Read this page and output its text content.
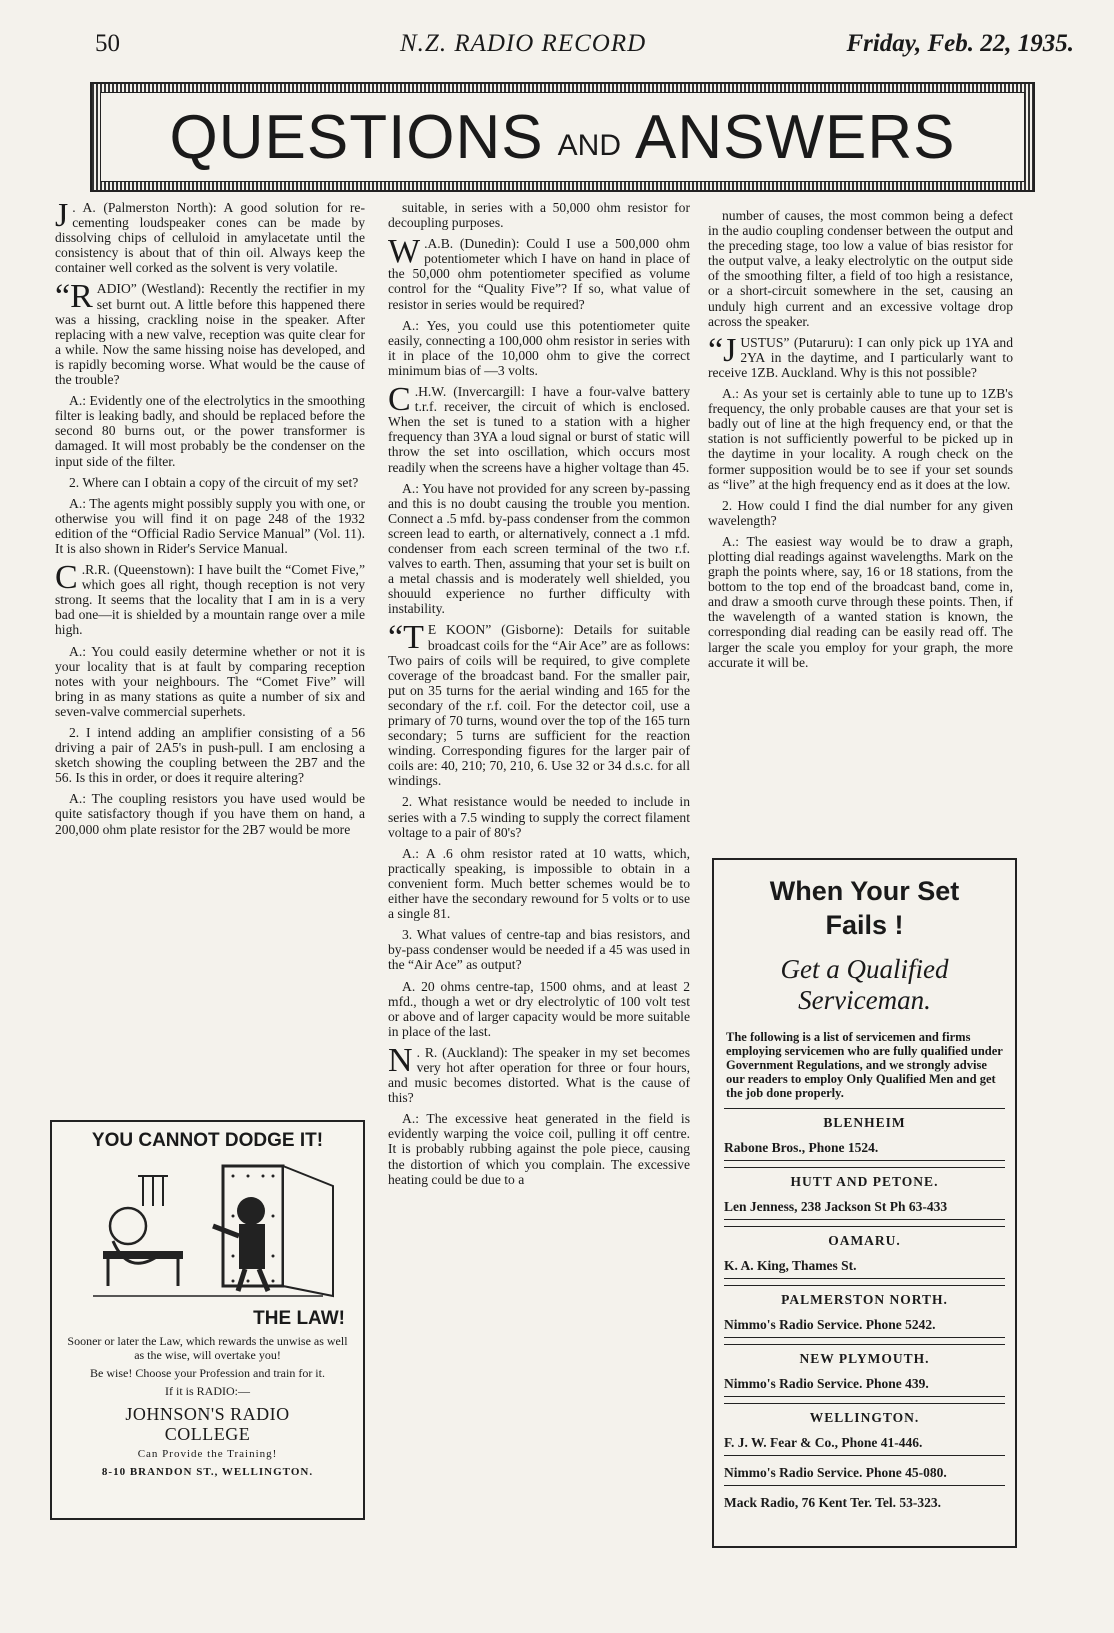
50	N.Z. RADIO RECORD	Friday, Feb. 22, 1935.
QUESTIONS AND ANSWERS

J . A. (Palmerston North): A good solution for re-cementing loudspeaker cones can be made by dissolving chips of celluloid in amylacetate until the consistency is about that of thin oil. Always keep the container well corked as the solvent is very volatile.

“RADIO” (Westland): Recently the rectifier in my set burnt out. A little before this happened there was a hissing, crackling noise in the speaker. After replacing with a new valve, reception was quite clear for a while. Now the same hissing noise has developed, and is rapidly becoming worse. What would be the cause of the trouble?

A.: Evidently one of the electrolytics in the smoothing filter is leaking badly, and should be replaced before the second 80 burns out, or the power transformer is damaged. It will most probably be the condenser on the input side of the filter.

2. Where can I obtain a copy of the circuit of my set?

A.: The agents might possibly supply you with one, or otherwise you will find it on page 248 of the 1932 edition of the “Official Radio Service Manual” (Vol. 11). It is also shown in Rider's Service Manual.

C .R.R. (Queenstown): I have built the “Comet Five,” which goes all right, though reception is not very strong. It seems that the locality that I am in is a very bad one—it is shielded by a mountain range over a mile high.

A.: You could easily determine whether or not it is your locality that is at fault by comparing reception notes with your neighbours. The “Comet Five” will bring in as many stations as quite a number of six and seven-valve commercial superhets.

2. I intend adding an amplifier consisting of a 56 driving a pair of 2A5's in push-pull. I am enclosing a sketch showing the coupling between the 2B7 and the 56. Is this in order, or does it require altering?

A.: The coupling resistors you have used would be quite satisfactory though if you have them on hand, a 200,000 ohm plate resistor for the 2B7 would be more

suitable, in series with a 50,000 ohm resistor for decoupling purposes.

W .A.B. (Dunedin): Could I use a 500,000 ohm potentiometer which I have on hand in place of the 50,000 ohm potentiometer specified as volume control for the “Quality Five”? If so, what value of resistor in series would be required?

A.: Yes, you could use this potentiometer quite easily, connecting a 100,000 ohm resistor in series with it in place of the 10,000 ohm to give the correct minimum bias of —3 volts.

C .H.W. (Invercargill: I have a four-valve battery t.r.f. receiver, the circuit of which is enclosed. When the set is tuned to a station with a higher frequency than 3YA a loud signal or burst of static will throw the set into oscillation, which occurs most readily when the screens have a higher voltage than 45.

A.: You have not provided for any screen by-passing and this is no doubt causing the trouble you mention. Connect a .5 mfd. by-pass condenser from the common screen lead to earth, or alternatively, connect a .1 mfd. condenser from each screen terminal of the two r.f. valves to earth. Then, assuming that your set is built on a metal chassis and is moderately well shielded, you shouuld experience no further difficulty with instability.

“T E KOON” (Gisborne): Details for suitable broadcast coils for the “Air Ace” are as follows: Two pairs of coils will be required, to give complete coverage of the broadcast band. For the smaller pair, put on 35 turns for the aerial winding and 165 for the secondary of the r.f. coil. For the detector coil, use a primary of 70 turns, wound over the top of the 165 turn secondary; 5 turns are sufficient for the reaction winding. Corresponding figures for the larger pair of coils are: 40, 210; 70, 210, 6. Use 32 or 34 d.s.c. for all windings.

2. What resistance would be needed to include in series with a 7.5 winding to supply the correct filament voltage to a pair of 80's?

A.: A .6 ohm resistor rated at 10 watts, which, practically speaking, is impossible to obtain in a convenient form. Much better schemes would be to either have the secondary rewound for 5 volts or to use a single 81.

3. What values of centre-tap and bias resistors, and by-pass condenser would be needed if a 45 was used in the “Air Ace” as output?

A. 20 ohms centre-tap, 1500 ohms, and at least 2 mfd., though a wet or dry electrolytic of 100 volt test or above and of larger capacity would be more suitable in place of the last.

N . R. (Auckland): The speaker in my set becomes very hot after operation for three or four hours, and music becomes distorted. What is the cause of this?

A.: The excessive heat generated in the field is evidently warping the voice coil, pulling it off centre. It is probably rubbing against the pole piece, causing the distortion of which you complain. The excessive heating could be due to a

number of causes, the most common being a defect in the audio coupling condenser between the output and the preceding stage, too low a value of bias resistor for the output valve, a leaky electrolytic on the output side of the smoothing filter, a field of too high a resistance, or a short-circuit somewhere in the set, causing an unduly high current and an excessive voltage drop across the speaker.

“JUSTUS” (Putaruru): I can only pick up 1YA and 2YA in the daytime, and I particularly want to receive 1ZB. Auckland. Why is this not possible?

A.: As your set is certainly able to tune up to 1ZB's frequency, the only probable causes are that your set is badly out of line at the high frequency end, or that the station is not sufficiently powerful to be picked up in the daytime in your locality. A rough check on the former supposition would be to see if your set sounds as “live” at the high frequency end as it does at the low.

2. How could I find the dial number for any given wavelength?

A.: The easiest way would be to draw a graph, plotting dial readings against wavelengths. Mark on the graph the points where, say, 16 or 18 stations, from the bottom to the top end of the broadcast band, come in, and draw a smooth curve through these points. Then, if the wavelength of a wanted station is known, the corresponding dial reading can be easily read off. The larger the scale you employ for your graph, the more accurate it will be.

YOU CANNOT DODGE IT!
THE LAW!
Sooner or later the Law, which rewards the unwise as well as the wise, will overtake you!
Be wise! Choose your Profession and train for it.
If it is RADIO:—
JOHNSON'S RADIO
COLLEGE
Can Provide the Training!
8-10 BRANDON ST., WELLINGTON.
When Your Set
Fails !
Get a Qualified
Serviceman.
The following is a list of servicemen and firms employing servicemen who are fully qualified under Government Regulations, and we strongly advise our readers to employ Only Qualified Men and get the job done properly.
BLENHEIM
Rabone Bros., Phone 1524.
HUTT AND PETONE.
Len Jenness, 238 Jackson St Ph 63-433
OAMARU.
K. A. King, Thames St.
PALMERSTON NORTH.
Nimmo's Radio Service. Phone 5242.
NEW PLYMOUTH.
Nimmo's Radio Service. Phone 439.
WELLINGTON.
F. J. W. Fear & Co., Phone 41-446.
Nimmo's Radio Service. Phone 45-080.
Mack Radio, 76 Kent Ter. Tel. 53-323.
